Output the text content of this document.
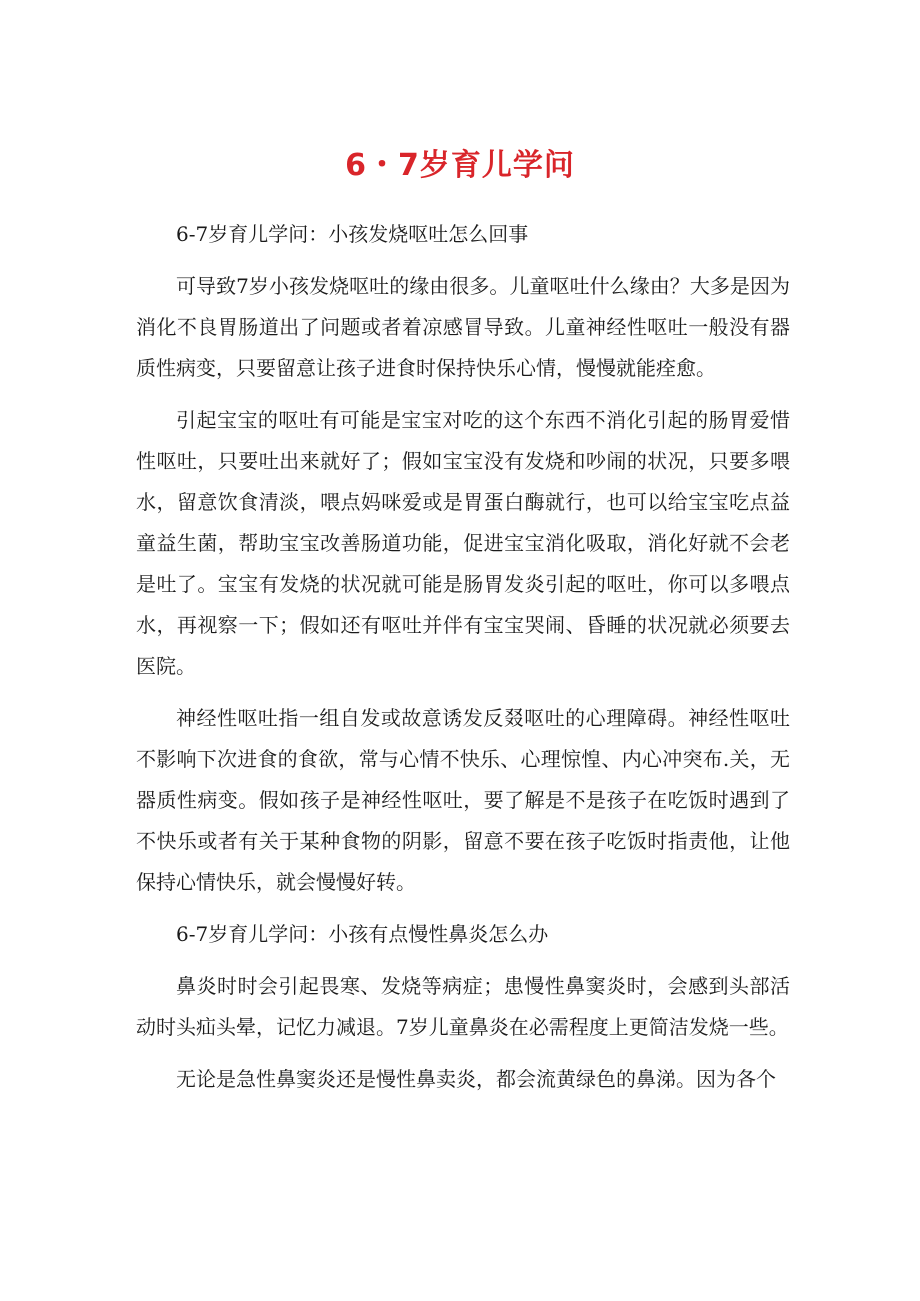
6・7岁育儿学问

6-7岁育儿学问：小孩发烧呕吐怎么回事

可导致7岁小孩发烧呕吐的缘由很多。儿童呕吐什么缘由？大多是因为消化不良胃肠道出了问题或者着凉感冒导致。儿童神经性呕吐一般没有器质性病变，只要留意让孩子进食时保持快乐心情，慢慢就能痊愈。

引起宝宝的呕吐有可能是宝宝对吃的这个东西不消化引起的肠胃爱惜性呕吐，只要吐出来就好了；假如宝宝没有发烧和吵闹的状况，只要多喂水，留意饮食清淡，喂点妈咪爱或是胃蛋白酶就行，也可以给宝宝吃点益童益生菌，帮助宝宝改善肠道功能，促进宝宝消化吸取，消化好就不会老是吐了。宝宝有发烧的状况就可能是肠胃发炎引起的呕吐，你可以多喂点水，再视察一下；假如还有呕吐并伴有宝宝哭闹、昏睡的状况就必须要去医院。

神经性呕吐指一组自发或故意诱发反叕呕吐的心理障碍。神经性呕吐不影响下次进食的食欲，常与心情不快乐、心理惊惶、内心冲突布.关，无器质性病变。假如孩子是神经性呕吐，要了解是不是孩子在吃饭时遇到了不快乐或者有关于某种食物的阴影，留意不要在孩子吃饭时指责他，让他保持心情快乐，就会慢慢好转。

6-7岁育儿学问：小孩有点慢性鼻炎怎么办

鼻炎时时会引起畏寒、发烧等病症；患慢性鼻窦炎时，会感到头部活动时头疝头晕，记忆力减退。7岁儿童鼻炎在必需程度上更简洁发烧一些。

无论是急性鼻窦炎还是慢性鼻卖炎，都会流黄绿色的鼻涕。因为各个
